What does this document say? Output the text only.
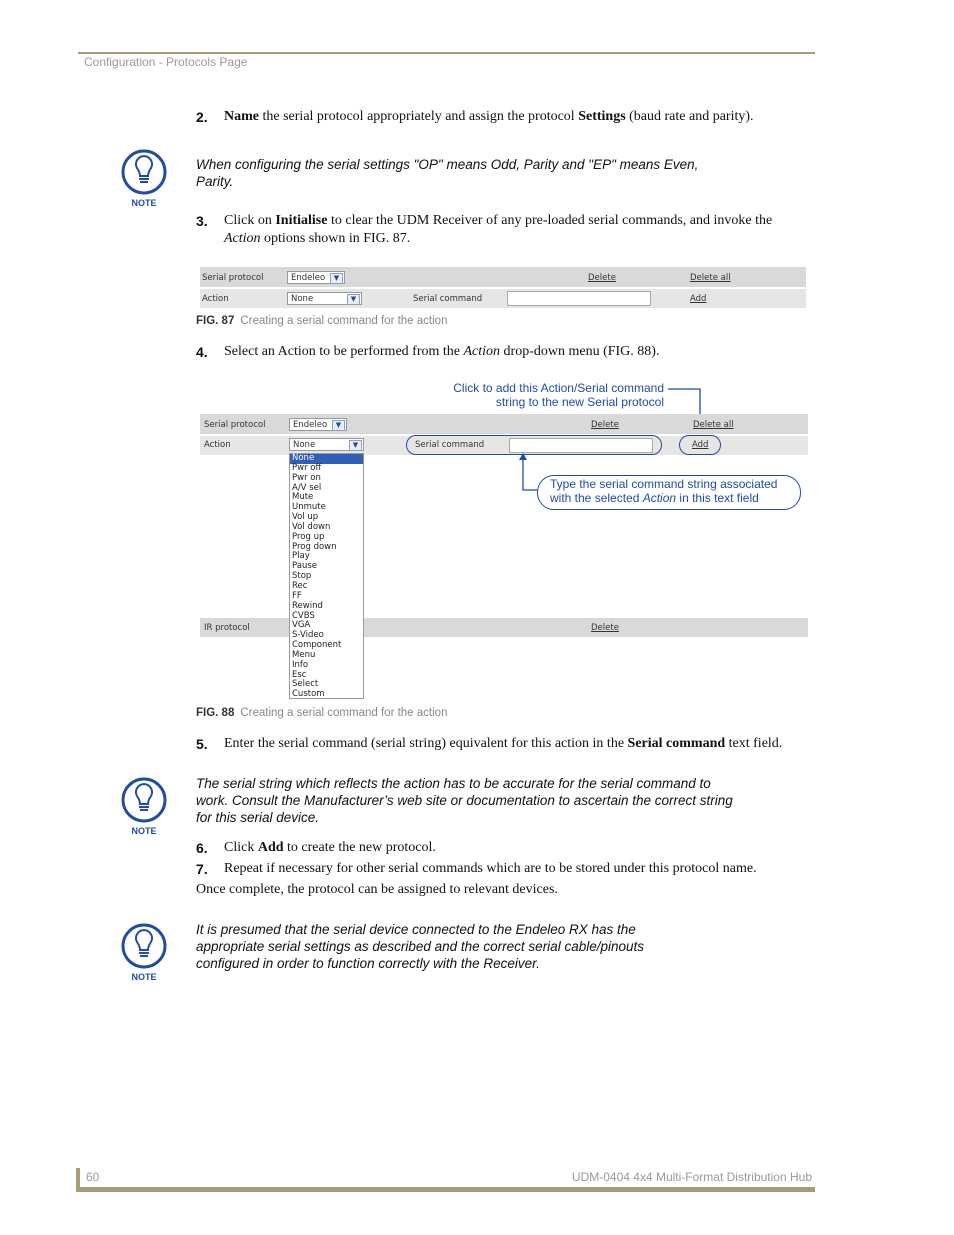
Configuration - Protocols Page
2. Name the serial protocol appropriately and assign the protocol Settings (baud rate and parity).
NOTE
When configuring the serial settings "OP" means Odd, Parity and "EP" means Even, Parity.
3. Click on Initialise to clear the UDM Receiver of any pre-loaded serial commands, and invoke the Action options shown in FIG. 87.
Serial protocol	Endeleo	▼	Delete	Delete all
Action	None	▼	Serial command	Add
FIG. 87 Creating a serial command for the action
4. Select an Action to be performed from the Action drop-down menu (FIG. 88).
Click to add this Action/Serial command
string to the new Serial protocol
Serial protocol	Endeleo	▼	Delete	Delete all
Action	None	▼	Serial command	Add
Type the serial command string associated
with the selected Action in this text field
IR protocol	Delete
None
Pwr off
Pwr on
A/V sel
Mute
Unmute
Vol up
Vol down
Prog up
Prog down
Play
Pause
Stop
Rec
FF
Rewind
CVBS
VGA
S-Video
Component
Menu
Info
Esc
Select
Custom
FIG. 88 Creating a serial command for the action
5. Enter the serial command (serial string) equivalent for this action in the Serial command text field.
NOTE
The serial string which reflects the action has to be accurate for the serial command to work. Consult the Manufacturer’s web site or documentation to ascertain the correct string for this serial device.
6. Click Add to create the new protocol.
7. Repeat if necessary for other serial commands which are to be stored under this protocol name.
Once complete, the protocol can be assigned to relevant devices.
NOTE
It is presumed that the serial device connected to the Endeleo RX has the appropriate serial settings as described and the correct serial cable/pinouts configured in order to function correctly with the Receiver.
60	UDM-0404 4x4 Multi-Format Distribution Hub
